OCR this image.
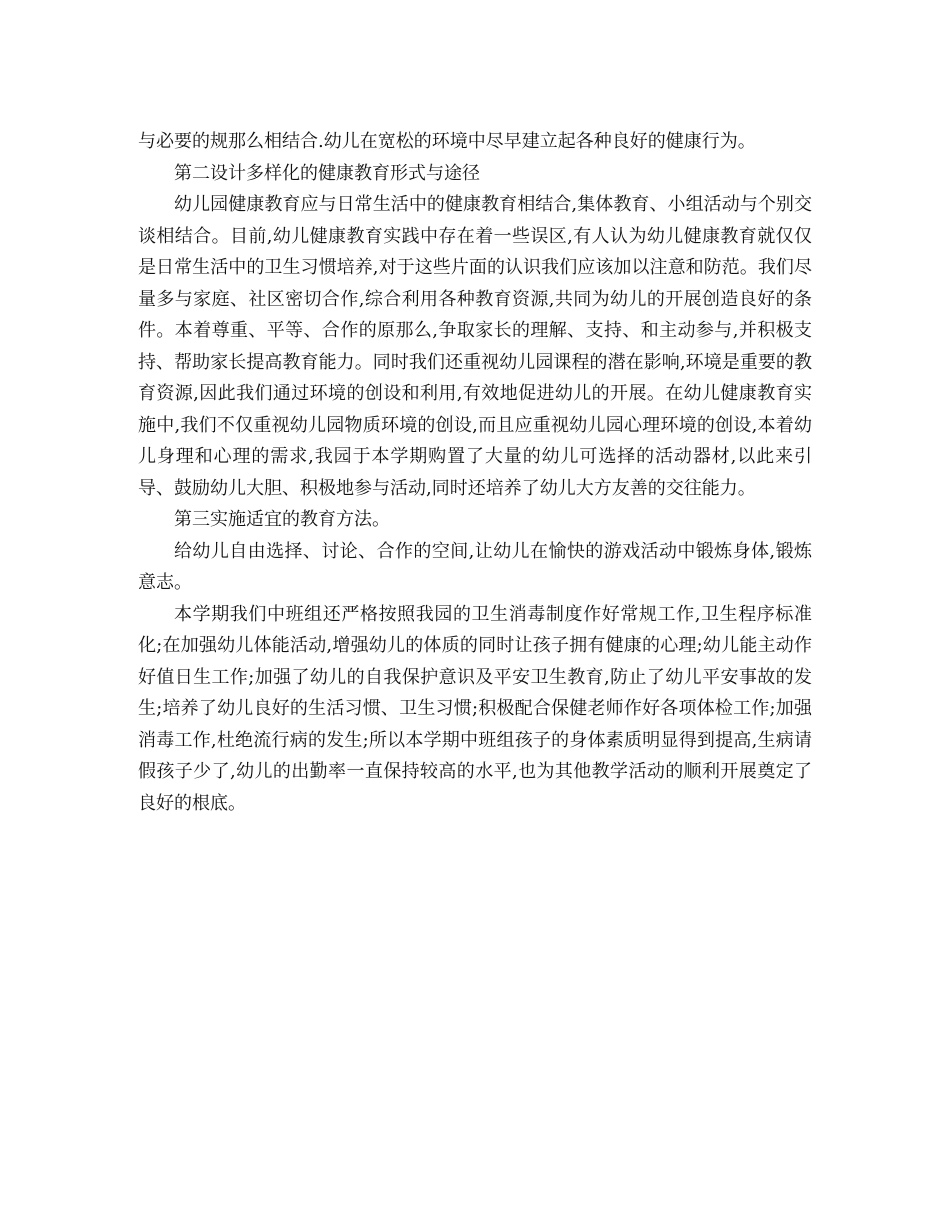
与必要的规那么相结合.幼儿在宽松的环境中尽早建立起各种良好的健康行为。

第二设计多样化的健康教育形式与途径

幼儿园健康教育应与日常生活中的健康教育相结合,集体教育、小组活动与个别交谈相结合。目前,幼儿健康教育实践中存在着一些误区,有人认为幼儿健康教育就仅仅是日常生活中的卫生习惯培养,对于这些片面的认识我们应该加以注意和防范。我们尽量多与家庭、社区密切合作,综合利用各种教育资源,共同为幼儿的开展创造良好的条件。本着尊重、平等、合作的原那么,争取家长的理解、支持、和主动参与,并积极支持、帮助家长提高教育能力。同时我们还重视幼儿园课程的潜在影响,环境是重要的教育资源,因此我们通过环境的创设和利用,有效地促进幼儿的开展。在幼儿健康教育实施中,我们不仅重视幼儿园物质环境的创设,而且应重视幼儿园心理环境的创设,本着幼儿身理和心理的需求,我园于本学期购置了大量的幼儿可选择的活动器材,以此来引导、鼓励幼儿大胆、积极地参与活动,同时还培养了幼儿大方友善的交往能力。

第三实施适宜的教育方法。

给幼儿自由选择、讨论、合作的空间,让幼儿在愉快的游戏活动中锻炼身体,锻炼意志。

本学期我们中班组还严格按照我园的卫生消毒制度作好常规工作,卫生程序标准化;在加强幼儿体能活动,增强幼儿的体质的同时让孩子拥有健康的心理;幼儿能主动作好值日生工作;加强了幼儿的自我保护意识及平安卫生教育,防止了幼儿平安事故的发生;培养了幼儿良好的生活习惯、卫生习惯;积极配合保健老师作好各项体检工作;加强消毒工作,杜绝流行病的发生;所以本学期中班组孩子的身体素质明显得到提高,生病请假孩子少了,幼儿的出勤率一直保持较高的水平,也为其他教学活动的顺利开展奠定了良好的根底。
